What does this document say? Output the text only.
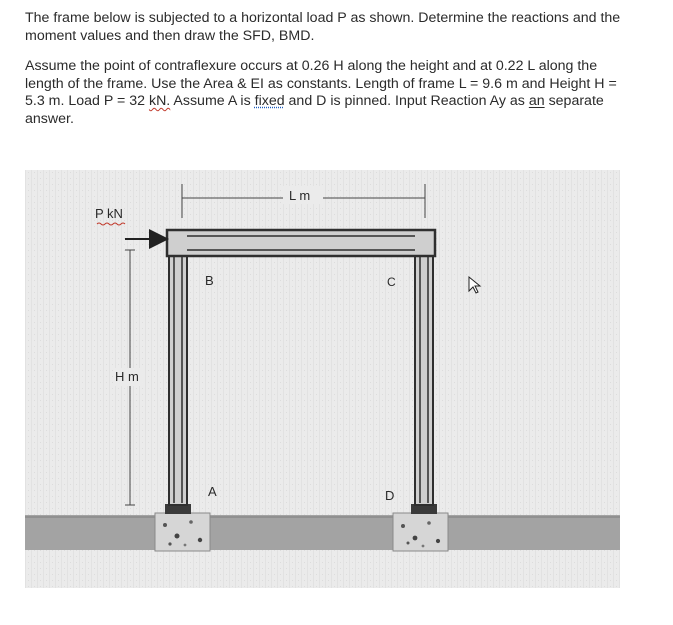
The frame below is subjected to a horizontal load P as shown. Determine the reactions and the moment values and then draw the SFD, BMD.

Assume the point of contraflexure occurs at 0.26 H along the height and at 0.22 L along the length of the frame. Use the Area & EI as constants. Length of frame L = 9.6 m and Height H = 5.3 m. Load P = 32 kN. Assume A is fixed and D is pinned. Input Reaction Ay as an separate answer.

P kN
H m
L m
B	C
A	D
